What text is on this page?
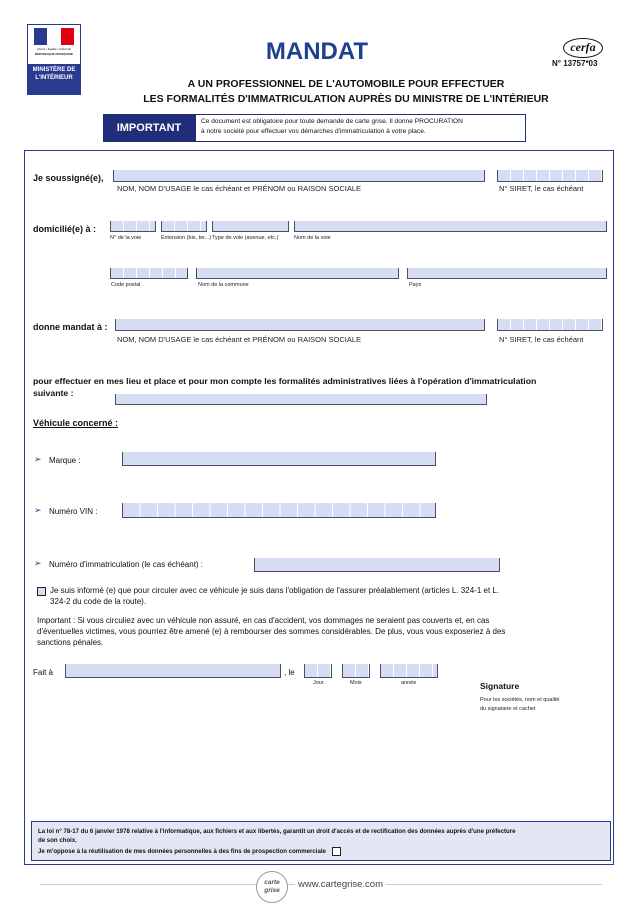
Liberté • Égalité • Fraternité
RÉPUBLIQUE FRANÇAISE
MINISTÈRE DE L'INTÉRIEUR
MANDAT
A UN PROFESSIONNEL DE L'AUTOMOBILE POUR EFFECTUER
LES FORMALITÉS D'IMMATRICULATION AUPRÈS DU MINISTRE DE L'INTÉRIEUR
cerfa
N° 13757*03
IMPORTANT
Ce document est obligatoire pour toute demande de carte grise. Il donne PROCURATION
à notre société pour effectuer vos démarches d'immatriculation à votre place.
Je soussigné(e),
NOM, NOM D'USAGE le cas échéant et PRÉNOM ou RAISON SOCIALE	N° SIRET, le cas échéant
domicilié(e) à :
N° de la voie	Extension (bis, ter...) Type de voie (avenue, etc.)	Nom de la voie
Code postal	Nom de la commune	Pays
donne mandat à :
NOM, NOM D'USAGE le cas échéant et PRÉNOM ou RAISON SOCIALE	N° SIRET, le cas échéant
pour effectuer en mes lieu et place et pour mon compte les formalités administratives liées à l'opération d'immatriculation
suivante :
Véhicule concerné :
➢ Marque :
➢ Numéro VIN :
➢ Numéro d'immatriculation (le cas échéant) :
Je suis informé (e) que pour circuler avec ce véhicule je suis dans l'obligation de l'assurer préalablement (articles L. 324-1 et L.
324-2 du code de la route).
Important : Si vous circuliez avec un véhicule non assuré, en cas d'accident, vos dommages ne seraient pas couverts et, en cas
d'éventuelles victimes, vous pourriez être amené (e) à rembourser des sommes considérables. De plus, vous vous exposeriez à des
sanctions pénales.
Fait à	, le
Jour	Mois	année	Signature
Pour les sociétés, nom et qualité
du signataire et cachet
La loi n° 78-17 du 6 janvier 1978 relative à l'informatique, aux fichiers et aux libertés, garantit un droit d'accès et de rectification des données auprès d'une préfecture
de son choix.
Je m'oppose à la réutilisation de mes données personnelles à des fins de prospection commerciale
carte
grise
www.cartegrise.com
